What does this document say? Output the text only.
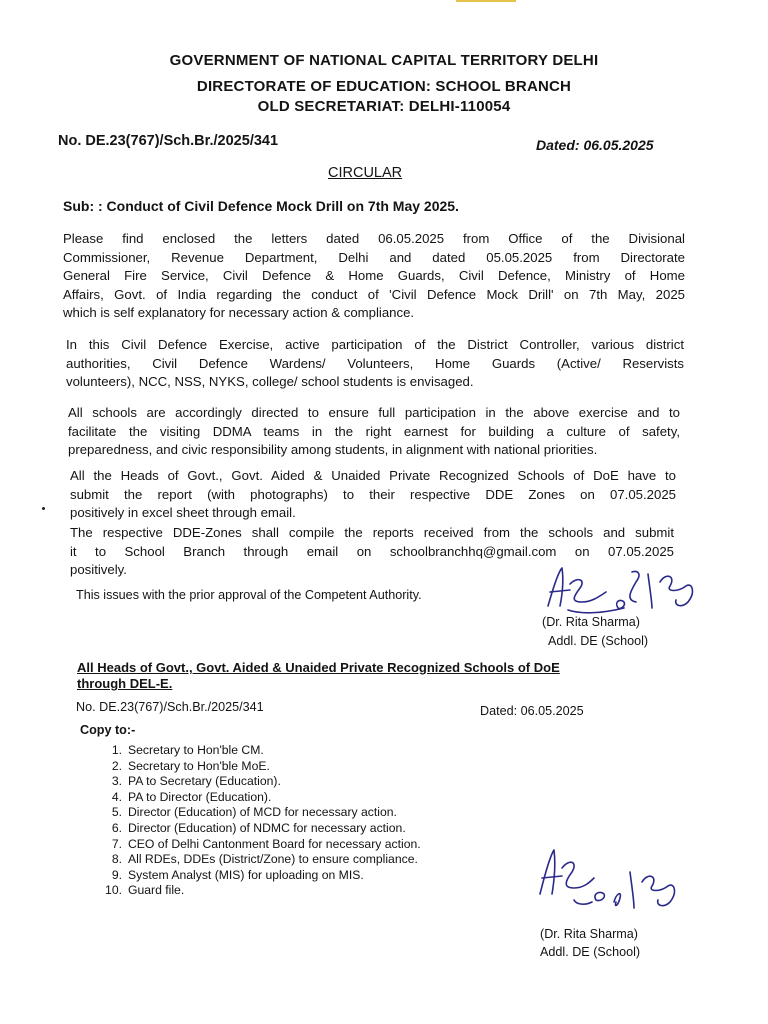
GOVERNMENT OF NATIONAL CAPITAL TERRITORY DELHI
DIRECTORATE OF EDUCATION: SCHOOL BRANCH
OLD SECRETARIAT: DELHI-110054
No. DE.23(767)/Sch.Br./2025/341	Dated: 06.05.2025
CIRCULAR
Sub: : Conduct of Civil Defence Mock Drill on 7th May 2025.
Please find enclosed the letters dated 06.05.2025 from Office of the Divisional
Commissioner, Revenue Department, Delhi and dated 05.05.2025 from Directorate
General Fire Service, Civil Defence & Home Guards, Civil Defence, Ministry of Home
Affairs, Govt. of India regarding the conduct of 'Civil Defence Mock Drill' on 7th May, 2025
which is self explanatory for necessary action & compliance.
In this Civil Defence Exercise, active participation of the District Controller, various district
authorities, Civil Defence Wardens/ Volunteers, Home Guards (Active/ Reservists
volunteers), NCC, NSS, NYKS, college/ school students is envisaged.
All schools are accordingly directed to ensure full participation in the above exercise and to
facilitate the visiting DDMA teams in the right earnest for building a culture of safety,
preparedness, and civic responsibility among students, in alignment with national priorities.
All the Heads of Govt., Govt. Aided & Unaided Private Recognized Schools of DoE have to
submit the report (with photographs) to their respective DDE Zones on 07.05.2025
positively in excel sheet through email.
The respective DDE-Zones shall compile the reports received from the schools and submit
it to School Branch through email on schoolbranchhq@gmail.com on 07.05.2025
positively.
This issues with the prior approval of the Competent Authority.
(Dr. Rita Sharma)
Addl. DE (School)
All Heads of Govt., Govt. Aided & Unaided Private Recognized Schools of DoE
through DEL-E.
No. DE.23(767)/Sch.Br./2025/341	Dated: 06.05.2025
Copy to:-
1. Secretary to Hon'ble CM.
2. Secretary to Hon'ble MoE.
3. PA to Secretary (Education).
4. PA to Director (Education).
5. Director (Education) of MCD for necessary action.
6. Director (Education) of NDMC for necessary action.
7. CEO of Delhi Cantonment Board for necessary action.
8. All RDEs, DDEs (District/Zone) to ensure compliance.
9. System Analyst (MIS) for uploading on MIS.
10. Guard file.
(Dr. Rita Sharma)
Addl. DE (School)
